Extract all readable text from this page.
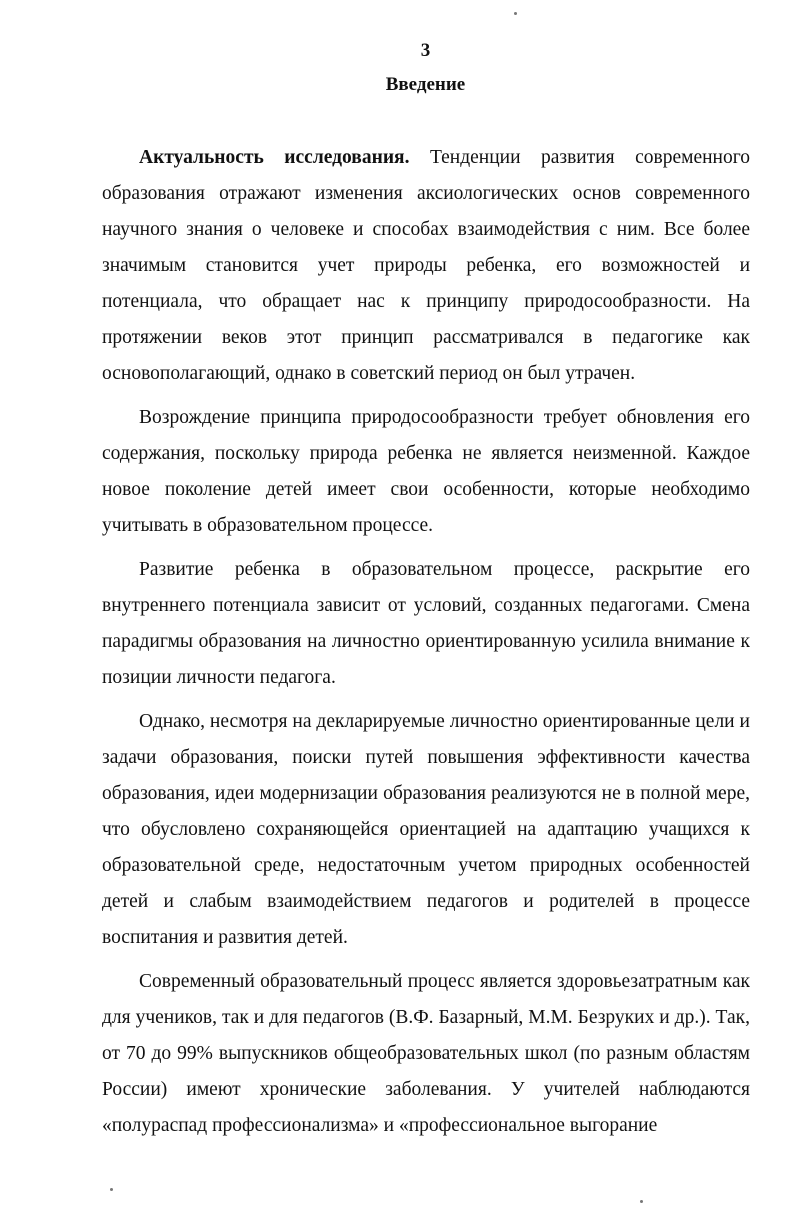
3
Введение

Актуальность исследования. Тенденции развития современного образования отражают изменения аксиологических основ современного научного знания о человеке и способах взаимодействия с ним. Все более значимым становится учет природы ребенка, его возможностей и потенциала, что обращает нас к принципу природосообразности. На протяжении веков этот принцип рассматривался в педагогике как основополагающий, однако в советский период он был утрачен.

Возрождение принципа природосообразности требует обновления его содержания, поскольку природа ребенка не является неизменной. Каждое новое поколение детей имеет свои особенности, которые необходимо учитывать в образовательном процессе.

Развитие ребенка в образовательном процессе, раскрытие его внутреннего потенциала зависит от условий, созданных педагогами. Смена парадигмы образования на личностно ориентированную усилила внимание к позиции личности педагога.

Однако, несмотря на декларируемые личностно ориентированные цели и задачи образования, поиски путей повышения эффективности качества образования, идеи модернизации образования реализуются не в полной мере, что обусловлено сохраняющейся ориентацией на адаптацию учащихся к образовательной среде, недостаточным учетом природных особенностей детей и слабым взаимодействием педагогов и родителей в процессе воспитания и развития детей.

Современный образовательный процесс является здоровьезатратным как для учеников, так и для педагогов (В.Ф. Базарный, М.М. Безруких и др.). Так, от 70 до 99% выпускников общеобразовательных школ (по разным областям России) имеют хронические заболевания. У учителей наблюдаются «полураспад профессионализма» и «профессиональное выгорание
